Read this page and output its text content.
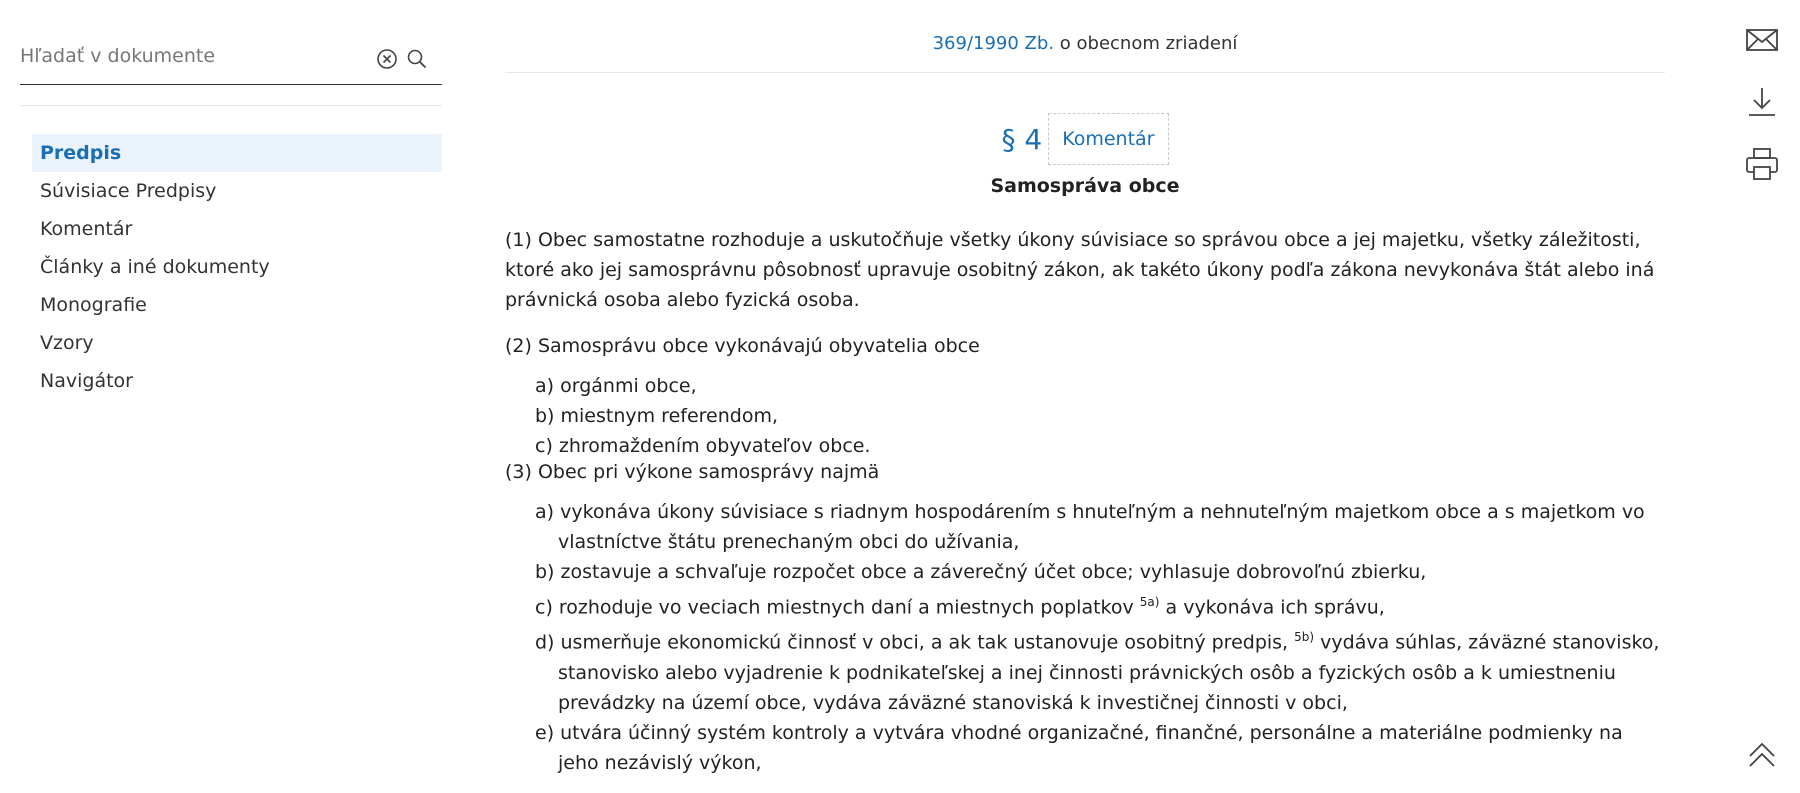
Hľadať v dokumente
Predpis
Súvisiace Predpisy
Komentár
Články a iné dokumenty
Monografie
Vzory
Navigátor
369/1990 Zb. o obecnom zriadení
§ 4	Komentár
Samospráva obce

(1) Obec samostatne rozhoduje a uskutočňuje všetky úkony súvisiace so správou obce a jej majetku, všetky záležitosti, ktoré ako jej samosprávnu pôsobnosť upravuje osobitný zákon, ak takéto úkony podľa zákona nevykonáva štát alebo iná právnická osoba alebo fyzická osoba.

(2) Samosprávu obce vykonávajú obyvatelia obce

a) orgánmi obce,
b) miestnym referendom,
c) zhromaždením obyvateľov obce.

(3) Obec pri výkone samosprávy najmä

a) vykonáva úkony súvisiace s riadnym hospodárením s hnuteľným a nehnuteľným majetkom obce a s majetkom vo vlastníctve štátu prenechaným obci do užívania,
b) zostavuje a schvaľuje rozpočet obce a záverečný účet obce; vyhlasuje dobrovoľnú zbierku,
c) rozhoduje vo veciach miestnych daní a miestnych poplatkov $^{5a)}$ a vykonáva ich správu,
d) usmerňuje ekonomickú činnosť v obci, a ak tak ustanovuje osobitný predpis, $^{5b)}$ vydáva súhlas, záväzné stanovisko, stanovisko alebo vyjadrenie k podnikateľskej a inej činnosti právnických osôb a fyzických osôb a k umiestneniu prevádzky na území obce, vydáva záväzné stanoviská k investičnej činnosti v obci,
e) utvára účinný systém kontroly a vytvára vhodné organizačné, finančné, personálne a materiálne podmienky na jeho nezávislý výkon,
